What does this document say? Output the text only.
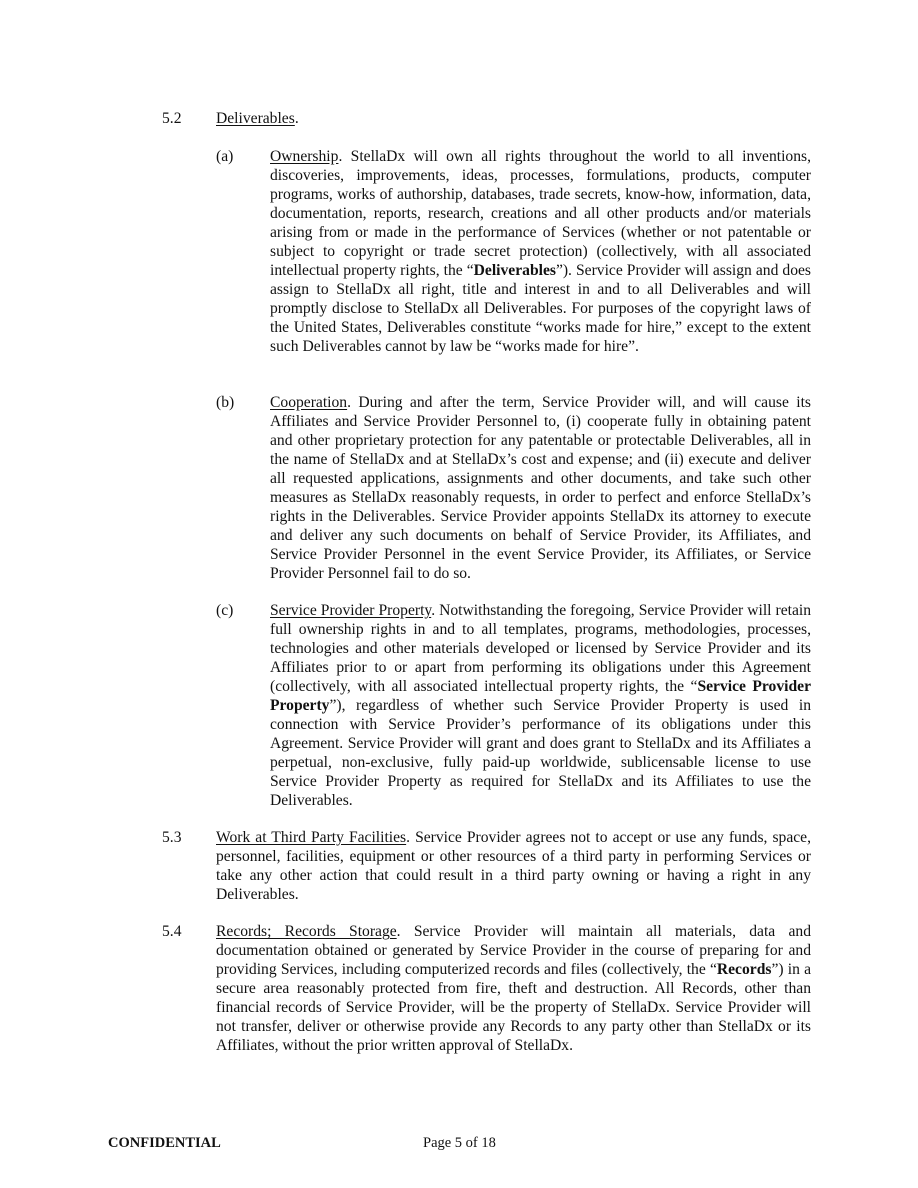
5.2 Deliverables.
(a) Ownership. StellaDx will own all rights throughout the world to all inventions, discoveries, improvements, ideas, processes, formulations, products, computer programs, works of authorship, databases, trade secrets, know-how, information, data, documentation, reports, research, creations and all other products and/or materials arising from or made in the performance of Services (whether or not patentable or subject to copyright or trade secret protection) (collectively, with all associated intellectual property rights, the “Deliverables”). Service Provider will assign and does assign to StellaDx all right, title and interest in and to all Deliverables and will promptly disclose to StellaDx all Deliverables. For purposes of the copyright laws of the United States, Deliverables constitute “works made for hire,” except to the extent such Deliverables cannot by law be “works made for hire”.

(b) Cooperation. During and after the term, Service Provider will, and will cause its Affiliates and Service Provider Personnel to, (i) cooperate fully in obtaining patent and other proprietary protection for any patentable or protectable Deliverables, all in the name of StellaDx and at StellaDx’s cost and expense; and (ii) execute and deliver all requested applications, assignments and other documents, and take such other measures as StellaDx reasonably requests, in order to perfect and enforce StellaDx’s rights in the Deliverables. Service Provider appoints StellaDx its attorney to execute and deliver any such documents on behalf of Service Provider, its Affiliates, and Service Provider Personnel in the event Service Provider, its Affiliates, or Service Provider Personnel fail to do so.

(c) Service Provider Property. Notwithstanding the foregoing, Service Provider will retain full ownership rights in and to all templates, programs, methodologies, processes, technologies and other materials developed or licensed by Service Provider and its Affiliates prior to or apart from performing its obligations under this Agreement (collectively, with all associated intellectual property rights, the “Service Provider Property”), regardless of whether such Service Provider Property is used in connection with Service Provider’s performance of its obligations under this Agreement. Service Provider will grant and does grant to StellaDx and its Affiliates a perpetual, non-exclusive, fully paid-up worldwide, sublicensable license to use Service Provider Property as required for StellaDx and its Affiliates to use the Deliverables.

5.3 Work at Third Party Facilities. Service Provider agrees not to accept or use any funds, space, personnel, facilities, equipment or other resources of a third party in performing Services or take any other action that could result in a third party owning or having a right in any Deliverables.

5.4 Records; Records Storage. Service Provider will maintain all materials, data and documentation obtained or generated by Service Provider in the course of preparing for and providing Services, including computerized records and files (collectively, the “Records”) in a secure area reasonably protected from fire, theft and destruction. All Records, other than financial records of Service Provider, will be the property of StellaDx. Service Provider will not transfer, deliver or otherwise provide any Records to any party other than StellaDx or its Affiliates, without the prior written approval of StellaDx.

CONFIDENTIAL	Page 5 of 18
